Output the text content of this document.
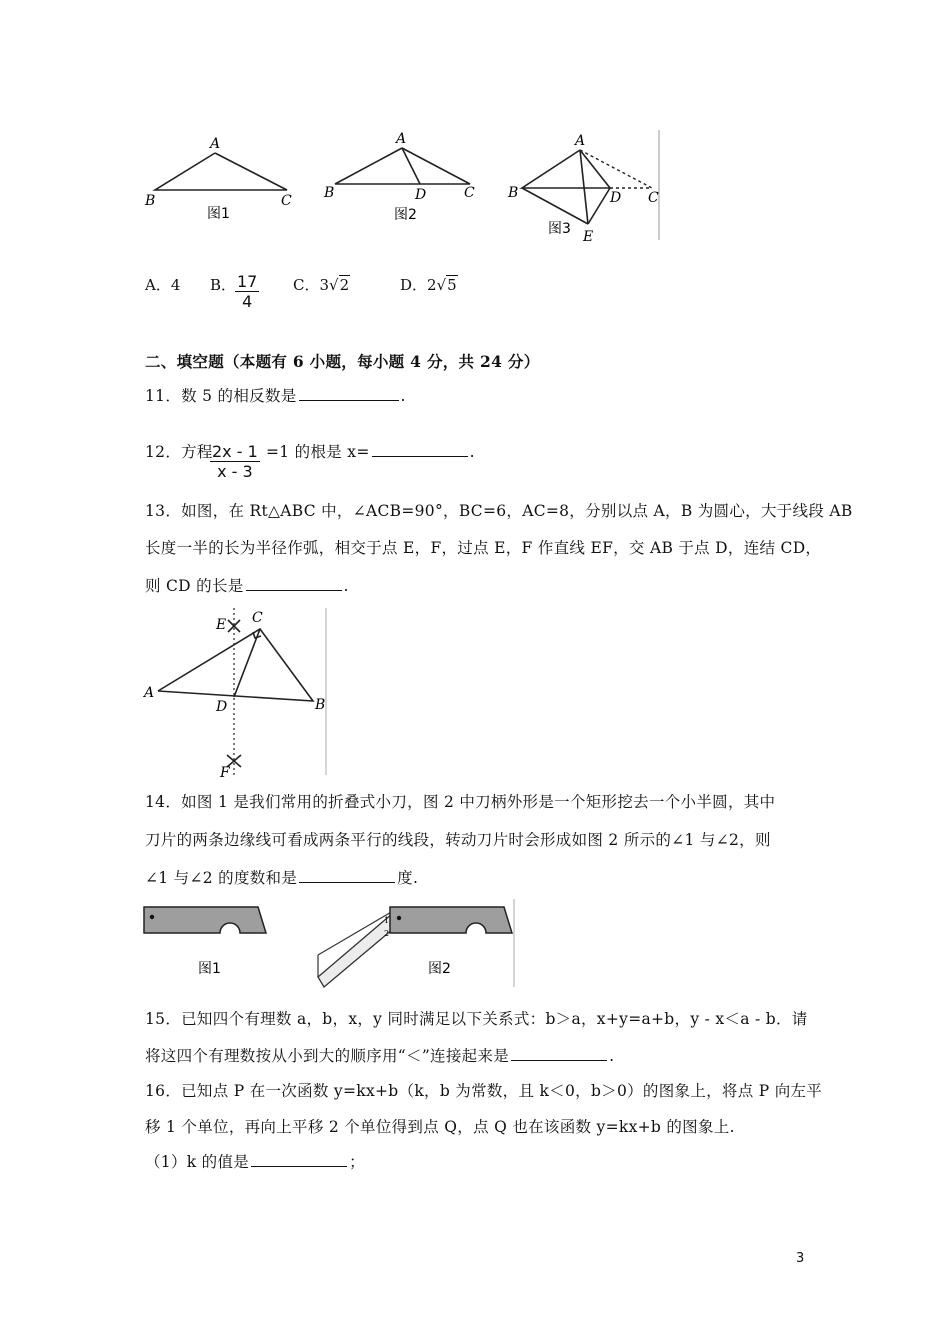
A
B	C
图1
A
B	D	C
图2
A
B	D C
E
图3
A．4 B．
$\frac{17}{4}$ C．3√2	D．2√5
二、填空题（本题有 6 小题，每小题 4 分，共 24 分）
11．数 5 的相反数是	.
12．方程
$\frac{2x - 1}{x - 3} =1$ 的根是 x=	.
13．如图，在 Rt△ABC 中，∠ACB=90°，BC=6，AC=8，分别以点 A，B 为圆心，大于线段 AB
长度一半的长为半径作弧，相交于点 E，F，过点 E，F 作直线 EF，交 AB 于点 D，连结 CD，
则 CD 的长是	.
E C
A
D	B
F
14．如图 1 是我们常用的折叠式小刀，图 2 中刀柄外形是一个矩形挖去一个小半圆，其中
刀片的两条边缘线可看成两条平行的线段，转动刀片时会形成如图 2 所示的∠1 与∠2，则
∠1 与∠2 的度数和是	度.
图1
1
2
图2
15．已知四个有理数 a，b，x，y 同时满足以下关系式：b＞a，x+y=a+b，y - x＜a - b．请
将这四个有理数按从小到大的顺序用“＜”连接起来是	.
16．已知点 P 在一次函数 y=kx+b（k，b 为常数，且 k＜0，b＞0）的图象上，将点 P 向左平
移 1 个单位，再向上平移 2 个单位得到点 Q，点 Q 也在该函数 y=kx+b 的图象上.
（1）k 的值是	；
3
